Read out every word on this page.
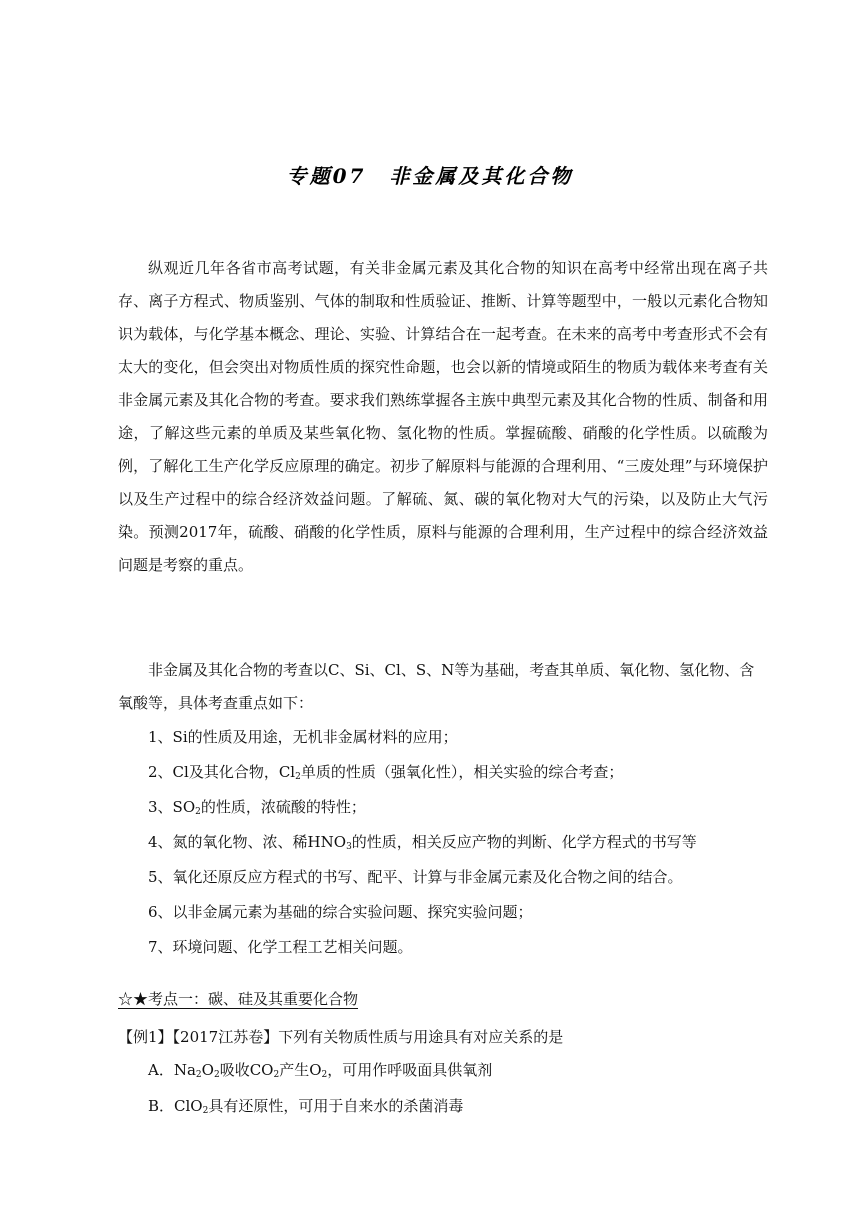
专题07　非金属及其化合物

纵观近几年各省市高考试题，有关非金属元素及其化合物的知识在高考中经常出现在离子共存、离子方程式、物质鉴别、气体的制取和性质验证、推断、计算等题型中，一般以元素化合物知识为载体，与化学基本概念、理论、实验、计算结合在一起考查。在未来的高考中考查形式不会有太大的变化，但会突出对物质性质的探究性命题，也会以新的情境或陌生的物质为载体来考查有关非金属元素及其化合物的考查。要求我们熟练掌握各主族中典型元素及其化合物的性质、制备和用途，了解这些元素的单质及某些氧化物、氢化物的性质。掌握硫酸、硝酸的化学性质。以硫酸为例，了解化工生产化学反应原理的确定。初步了解原料与能源的合理利用、“三废处理”与环境保护以及生产过程中的综合经济效益问题。了解硫、氮、碳的氧化物对大气的污染，以及防止大气污染。预测2017年，硫酸、硝酸的化学性质，原料与能源的合理利用，生产过程中的综合经济效益问题是考察的重点。

非金属及其化合物的考查以C、Si、Cl、S、N等为基础，考查其单质、氧化物、氢化物、含氧酸等，具体考查重点如下：

1、Si的性质及用途，无机非金属材料的应用；
2、Cl及其化合物，$Cl_2$单质的性质（强氧化性），相关实验的综合考查；
3、$SO_2$的性质，浓硫酸的特性；
4、氮的氧化物、浓、稀$HNO_3$的性质，相关反应产物的判断、化学方程式的书写等
5、氧化还原反应方程式的书写、配平、计算与非金属元素及化合物之间的结合。
6、以非金属元素为基础的综合实验问题、探究实验问题；
7、环境问题、化学工程工艺相关问题。
☆★考点一：碳、硅及其重要化合物
【例1】【2017江苏卷】下列有关物质性质与用途具有对应关系的是
A．$Na_2O_2$吸收$CO_2$产生$O_2$，可用作呼吸面具供氧剂
B．ClO$_2$具有还原性，可用于自来水的杀菌消毒
